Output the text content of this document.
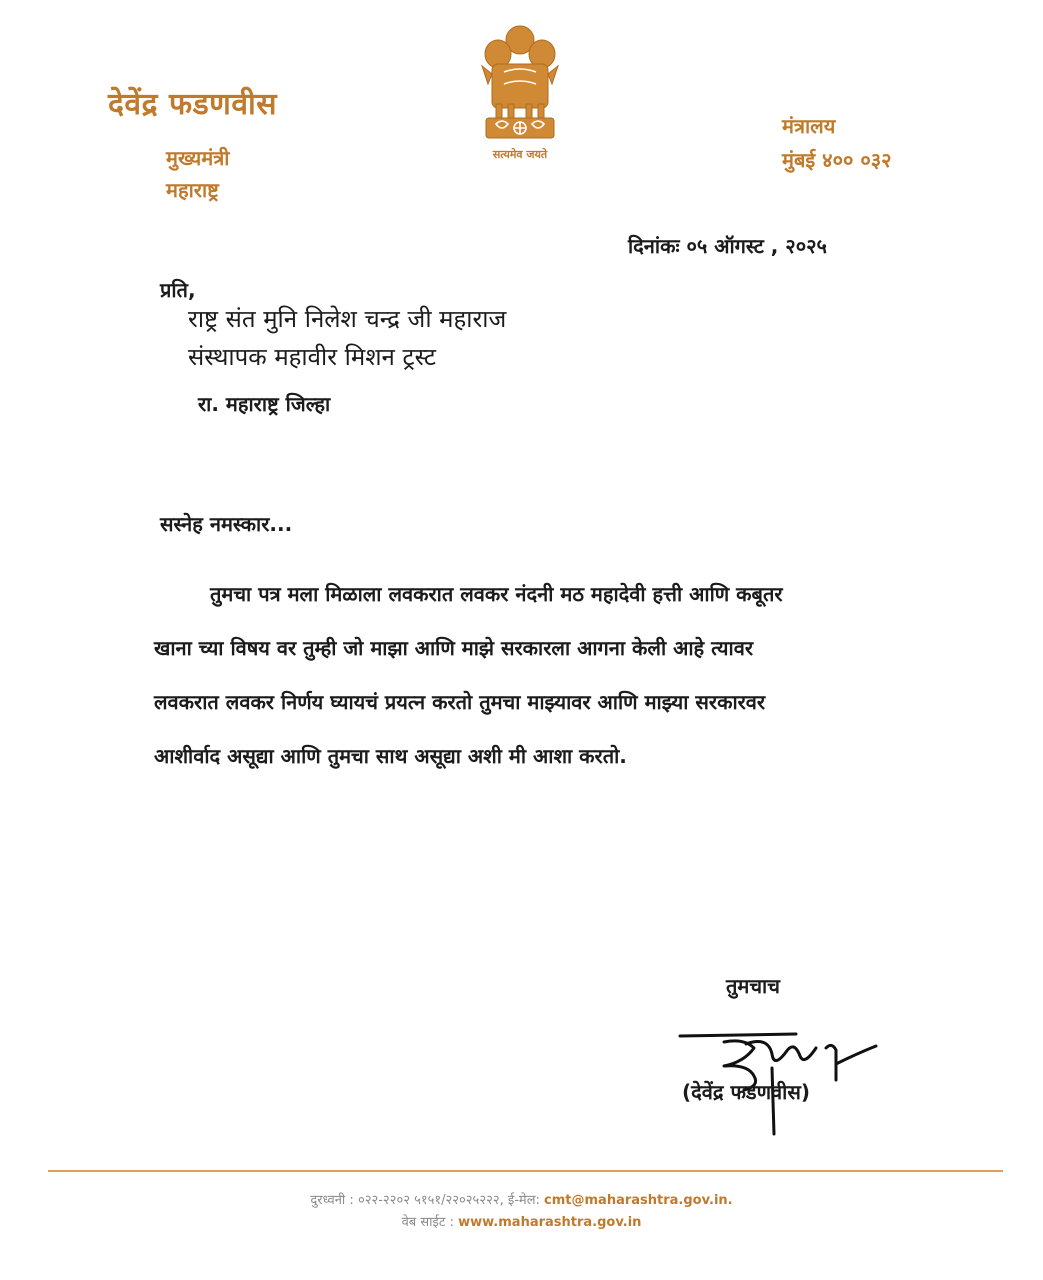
देवेंद्र फडणवीस
मुख्यमंत्री
महाराष्ट्र
सत्यमेव जयते
मंत्रालय
मुंबई ४०० ०३२
दिनांकः ०५ ऑगस्ट , २०२५
प्रति,
राष्ट्र संत मुनि निलेश चन्द्र जी महाराज
संस्थापक महावीर मिशन ट्रस्ट
रा. महाराष्ट्र जिल्हा
सस्नेह नमस्कार...
तुमचा पत्र मला मिळाला लवकरात लवकर नंदनी मठ महादेवी हत्ती आणि कबूतर
खाना च्या विषय वर तुम्ही जो माझा आणि माझे सरकारला आगना केली आहे त्यावर
लवकरात लवकर निर्णय घ्यायचं प्रयत्न करतो तुमचा माझ्यावर आणि माझ्या सरकारवर
आशीर्वाद असूद्या आणि तुमचा साथ असूद्या अशी मी आशा करतो.
तुमचाच
(देवेंद्र फडणवीस)
दुरध्वनी : ०२२-२२०२ ५१५१/२२०२५२२२, ई-मेल: cmt@maharashtra.gov.in.
वेब साईट : www.maharashtra.gov.in
